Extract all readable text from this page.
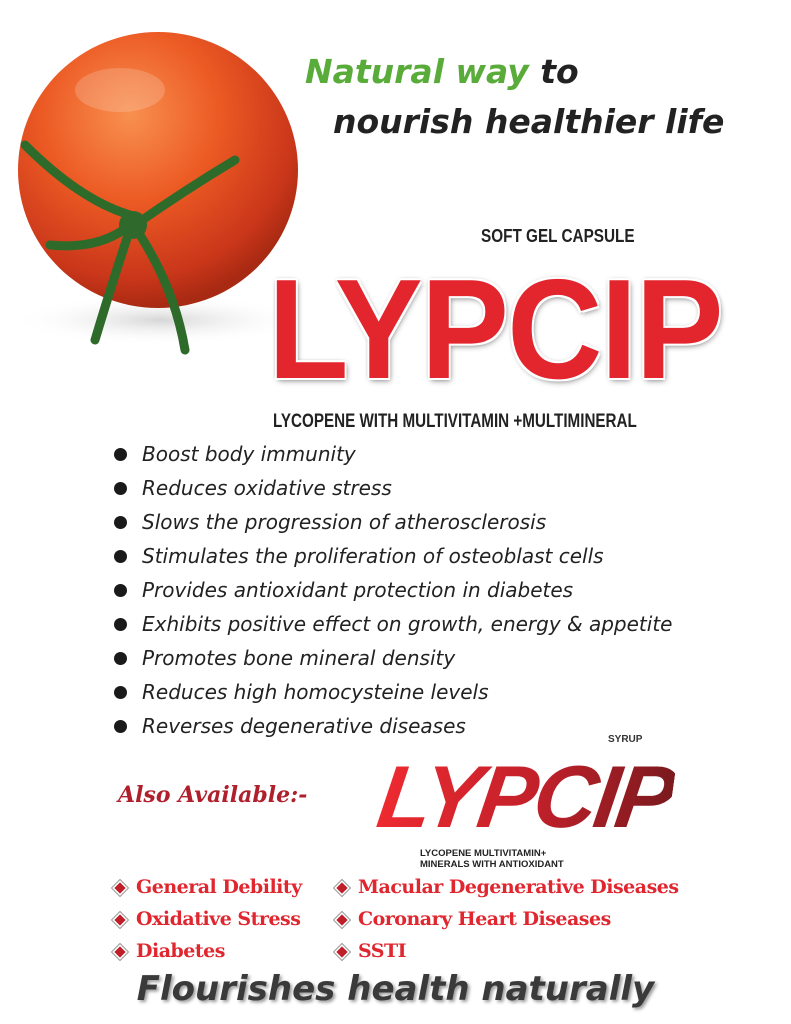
Natural way to
nourish healthier life
SOFT GEL CAPSULE
LYPCIP
LYCOPENE WITH MULTIVITAMIN +MULTIMINERAL
Boost body immunity
Reduces oxidative stress
Slows the progression of atherosclerosis
Stimulates the proliferation of osteoblast cells
Provides antioxidant protection in diabetes
Exhibits positive effect on growth, energy & appetite
Promotes bone mineral density
Reduces high homocysteine levels
Reverses degenerative diseases
Also Available:-
SYRUP
LYPCIP
LYCOPENE MULTIVITAMIN+
MINERALS WITH ANTIOXIDANT
General Debility
Oxidative Stress
Diabetes
Macular Degenerative Diseases
Coronary Heart Diseases
SSTI
Flourishes health naturally
